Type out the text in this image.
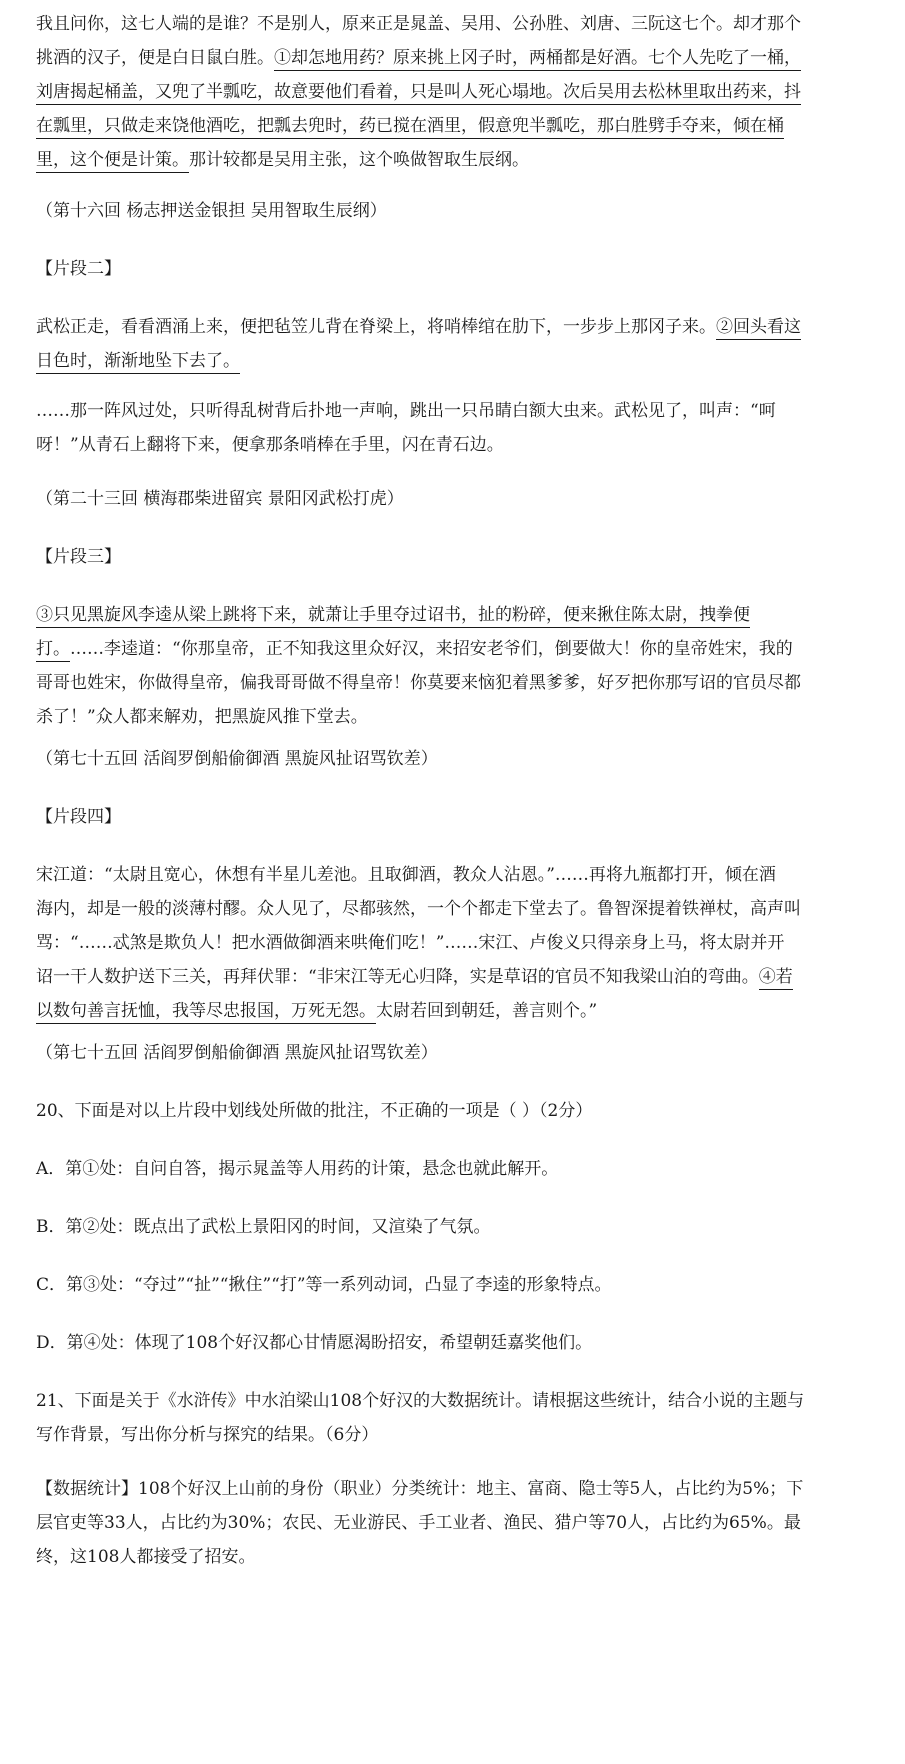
我且问你，这七人端的是谁？不是别人，原来正是晁盖、吴用、公孙胜、刘唐、三阮这七个。却才那个
挑酒的汉子，便是白日鼠白胜。①却怎地用药？原来挑上冈子时，两桶都是好酒。七个人先吃了一桶，
刘唐揭起桶盖，又兜了半瓢吃，故意要他们看着，只是叫人死心塌地。次后吴用去松林里取出药来，抖
在瓢里，只做走来饶他酒吃，把瓢去兜时，药已搅在酒里，假意兜半瓢吃，那白胜劈手夺来，倾在桶
里，这个便是计策。那计较都是吴用主张，这个唤做智取生辰纲。
（第十六回 杨志押送金银担 吴用智取生辰纲）
【片段二】
武松正走，看看酒涌上来，便把毡笠儿背在脊梁上，将哨棒绾在肋下，一步步上那冈子来。②回头看这
日色时，渐渐地坠下去了。
……那一阵风过处，只听得乱树背后扑地一声响，跳出一只吊睛白额大虫来。武松见了，叫声：“呵
呀！”从青石上翻将下来，便拿那条哨棒在手里，闪在青石边。
（第二十三回 横海郡柴进留宾 景阳冈武松打虎）
【片段三】
③只见黑旋风李逵从梁上跳将下来，就萧让手里夺过诏书，扯的粉碎，便来揪住陈太尉，拽拳便
打。……李逵道：“你那皇帝，正不知我这里众好汉，来招安老爷们，倒要做大！你的皇帝姓宋，我的
哥哥也姓宋，你做得皇帝，偏我哥哥做不得皇帝！你莫要来恼犯着黑爹爹，好歹把你那写诏的官员尽都
杀了！”众人都来解劝，把黑旋风推下堂去。
（第七十五回 活阎罗倒船偷御酒 黑旋风扯诏骂钦差）
【片段四】
宋江道：“太尉且宽心，休想有半星儿差池。且取御酒，教众人沾恩。”……再将九瓶都打开，倾在酒
海内，却是一般的淡薄村醪。众人见了，尽都骇然，一个个都走下堂去了。鲁智深提着铁禅杖，高声叫
骂：“……忒煞是欺负人！把水酒做御酒来哄俺们吃！”……宋江、卢俊义只得亲身上马，将太尉并开
诏一干人数护送下三关，再拜伏罪：“非宋江等无心归降，实是草诏的官员不知我梁山泊的弯曲。④若
以数句善言抚恤，我等尽忠报国，万死无怨。太尉若回到朝廷，善言则个。”
（第七十五回 活阎罗倒船偷御酒 黑旋风扯诏骂钦差）
20、下面是对以上片段中划线处所做的批注，不正确的一项是（ ）（2分）
A．第①处：自问自答，揭示晁盖等人用药的计策，悬念也就此解开。
B．第②处：既点出了武松上景阳冈的时间，又渲染了气氛。
C．第③处：“夺过”“扯”“揪住”“打”等一系列动词，凸显了李逵的形象特点。
D．第④处：体现了108个好汉都心甘情愿渴盼招安，希望朝廷嘉奖他们。
21、下面是关于《水浒传》中水泊梁山108个好汉的大数据统计。请根据这些统计，结合小说的主题与
写作背景，写出你分析与探究的结果。（6分）
【数据统计】108个好汉上山前的身份（职业）分类统计：地主、富商、隐士等5人，占比约为5%；下
层官吏等33人，占比约为30%；农民、无业游民、手工业者、渔民、猎户等70人，占比约为65%。最
终，这108人都接受了招安。
